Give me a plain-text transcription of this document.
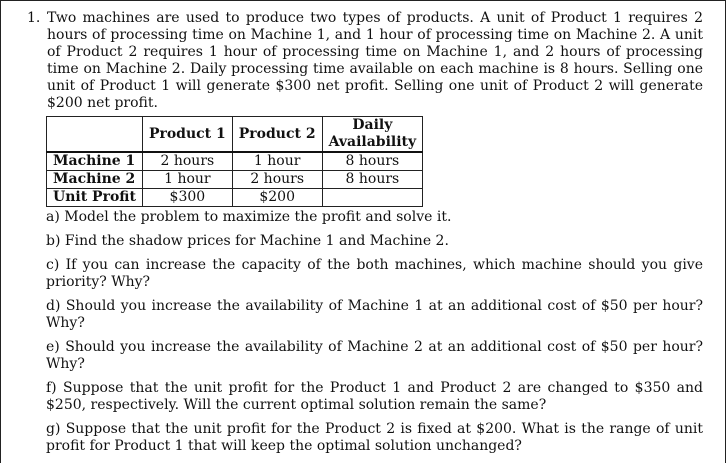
1. Two machines are used to produce two types of products. A unit of Product 1 requires 2 hours of processing time on Machine 1, and 1 hour of processing time on Machine 2. A unit of Product 2 requires 1 hour of processing time on Machine 1, and 2 hours of processing time on Machine 2. Daily processing time available on each machine is 8 hours. Selling one unit of Product 1 will generate $300 net profit. Selling one unit of Product 2 will generate $200 net profit.
	Product 1	Product 2	Daily Availability
Machine 1	2 hours	1 hour	8 hours
Machine 2	1 hour	2 hours	8 hours
Unit Profit	$300	$200	
a) Model the problem to maximize the profit and solve it.
b) Find the shadow prices for Machine 1 and Machine 2.
c) If you can increase the capacity of the both machines, which machine should you give priority? Why?
d) Should you increase the availability of Machine 1 at an additional cost of $50 per hour? Why?
e) Should you increase the availability of Machine 2 at an additional cost of $50 per hour? Why?
f) Suppose that the unit profit for the Product 1 and Product 2 are changed to $350 and $250, respectively. Will the current optimal solution remain the same?
g) Suppose that the unit profit for the Product 2 is fixed at $200. What is the range of unit profit for Product 1 that will keep the optimal solution unchanged?
